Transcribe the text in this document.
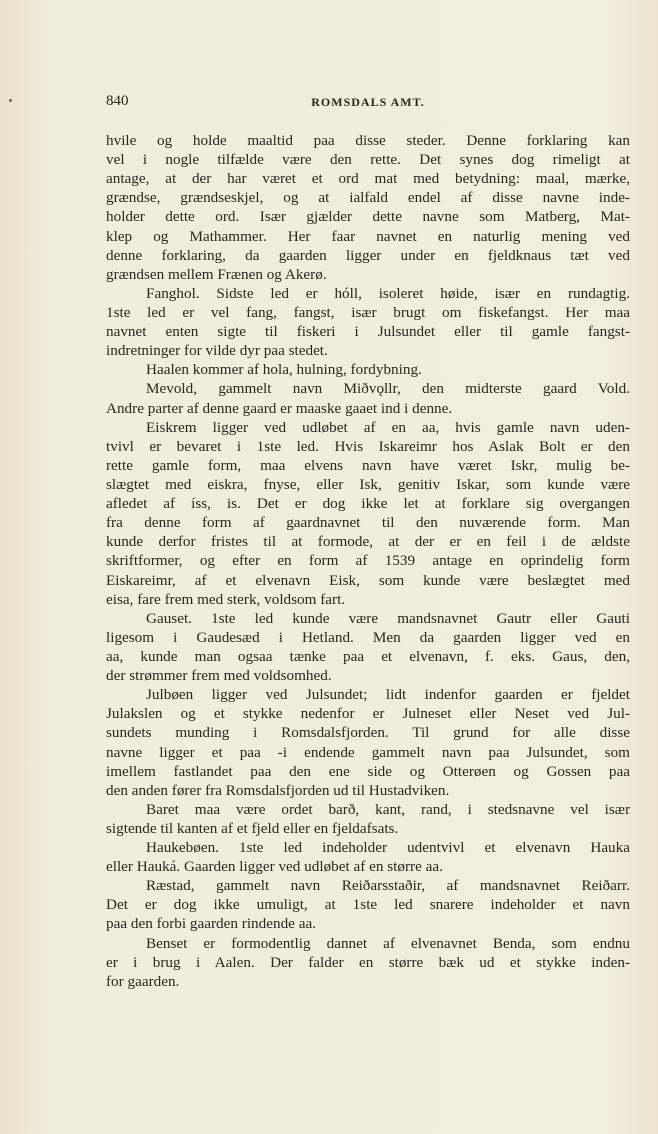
840	ROMSDALS AMT.
hvile og holde maaltid paa disse steder. Denne forklaring kan
vel i nogle tilfælde være den rette. Det synes dog rimeligt at
antage, at der har været et ord mat med betydning: maal, mærke,
grændse, grændseskjel, og at ialfald endel af disse navne inde-
holder dette ord. Især gjælder dette navne som Matberg, Mat-
klep og Mathammer. Her faar navnet en naturlig mening ved
denne forklaring, da gaarden ligger under en fjeldknaus tæt ved
grændsen mellem Frænen og Akerø.
Fanghol. Sidste led er hóll, isoleret høide, især en rundagtig.
1ste led er vel fang, fangst, især brugt om fiskefangst. Her maa
navnet enten sigte til fiskeri i Julsundet eller til gamle fangst-
indretninger for vilde dyr paa stedet.
Haalen kommer af hola, hulning, fordybning.
Mevold, gammelt navn Miðvǫllr, den midterste gaard Vold.
Andre parter af denne gaard er maaske gaaet ind i denne.
Eiskrem ligger ved udløbet af en aa, hvis gamle navn uden-
tvivl er bevaret i 1ste led. Hvis Iskareimr hos Aslak Bolt er den
rette gamle form, maa elvens navn have været Iskr, mulig be-
slægtet med eiskra, fnyse, eller Isk, genitiv Iskar, som kunde være
afledet af íss, is. Det er dog ikke let at forklare sig overgangen
fra denne form af gaardnavnet til den nuværende form. Man
kunde derfor fristes til at formode, at der er en feil i de ældste
skriftformer, og efter en form af 1539 antage en oprindelig form
Eiskareimr, af et elvenavn Eisk, som kunde være beslægtet med
eisa, fare frem med sterk, voldsom fart.
Gauset. 1ste led kunde være mandsnavnet Gautr eller Gauti
ligesom i Gaudesæd i Hetland. Men da gaarden ligger ved en
aa, kunde man ogsaa tænke paa et elvenavn, f. eks. Gaus, den,
der strømmer frem med voldsomhed.
Julbøen ligger ved Julsundet; lidt indenfor gaarden er fjeldet
Julakslen og et stykke nedenfor er Julneset eller Neset ved Jul-
sundets munding i Romsdalsfjorden. Til grund for alle disse
navne ligger et paa -i endende gammelt navn paa Julsundet, som
imellem fastlandet paa den ene side og Otterøen og Gossen paa
den anden fører fra Romsdalsfjorden ud til Hustadviken.
Baret maa være ordet barð, kant, rand, i stedsnavne vel især
sigtende til kanten af et fjeld eller en fjeldafsats.
Haukebøen. 1ste led indeholder udentvivl et elvenavn Hauka
eller Hauká. Gaarden ligger ved udløbet af en større aa.
Ræstad, gammelt navn Reiðarsstaðir, af mandsnavnet Reiðarr.
Det er dog ikke umuligt, at 1ste led snarere indeholder et navn
paa den forbi gaarden rindende aa.
Benset er formodentlig dannet af elvenavnet Benda, som endnu
er i brug i Aalen. Der falder en større bæk ud et stykke inden-
for gaarden.
